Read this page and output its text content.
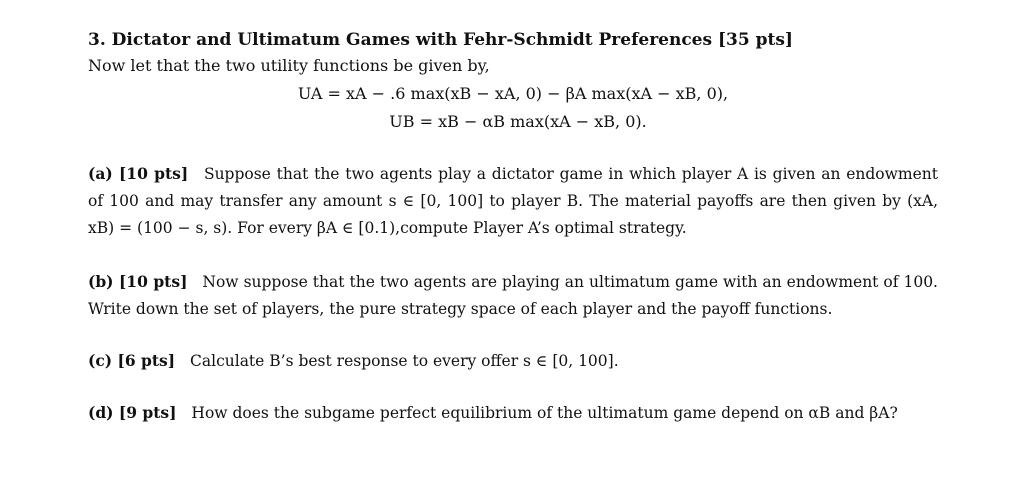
3. Dictator and Ultimatum Games with Fehr-Schmidt Preferences [35 pts]
Now let that the two utility functions be given by,
UA = xA − .6 max(xB − xA, 0) − βA max(xA − xB, 0),
UB = xB − αB max(xA − xB, 0).

(a) [10 pts] Suppose that the two agents play a dictator game in which player A is given an endowment of 100 and may transfer any amount s ∈ [0, 100] to player B. The material payoffs are then given by (xA, xB) = (100 − s, s). For every βA ∈ [0.1),compute Player A’s optimal strategy.

(b) [10 pts] Now suppose that the two agents are playing an ultimatum game with an endowment of 100. Write down the set of players, the pure strategy space of each player and the payoff functions.

(c) [6 pts] Calculate B’s best response to every offer s ∈ [0, 100].

(d) [9 pts] How does the subgame perfect equilibrium of the ultimatum game depend on αB and βA?
